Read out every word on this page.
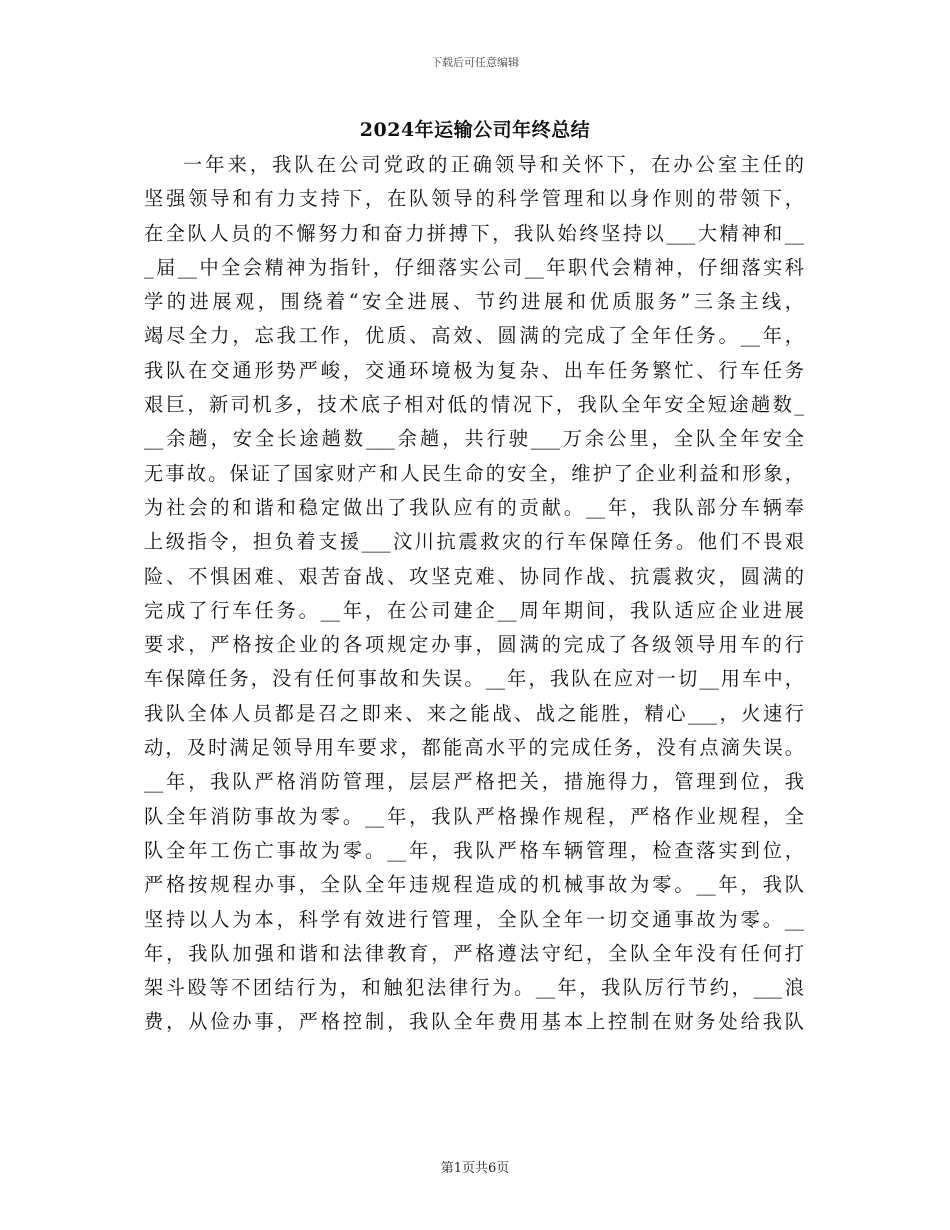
下载后可任意编辑
2024年运输公司年终总结
一年来，我队在公司党政的正确领导和关怀下，在办公室主任的
坚强领导和有力支持下，在队领导的科学管理和以身作则的带领下，
在全队人员的不懈努力和奋力拼搏下，我队始终坚持以___大精神和__
_届__中全会精神为指针，仔细落实公司__年职代会精神，仔细落实科
学的进展观，围绕着“安全进展、节约进展和优质服务”三条主线，
竭尽全力，忘我工作，优质、高效、圆满的完成了全年任务。__年，
我队在交通形势严峻，交通环境极为复杂、出车任务繁忙、行车任务
艰巨，新司机多，技术底子相对低的情况下，我队全年安全短途趟数_
__余趟，安全长途趟数___余趟，共行驶___万余公里，全队全年安全
无事故。保证了国家财产和人民生命的安全，维护了企业利益和形象，
为社会的和谐和稳定做出了我队应有的贡献。__年，我队部分车辆奉
上级指令，担负着支援___汶川抗震救灾的行车保障任务。他们不畏艰
险、不惧困难、艰苦奋战、攻坚克难、协同作战、抗震救灾，圆满的
完成了行车任务。__年，在公司建企__周年期间，我队适应企业进展
要求，严格按企业的各项规定办事，圆满的完成了各级领导用车的行
车保障任务，没有任何事故和失误。__年，我队在应对一切__用车中，
我队全体人员都是召之即来、来之能战、战之能胜，精心___，火速行
动，及时满足领导用车要求，都能高水平的完成任务，没有点滴失误。
__年，我队严格消防管理，层层严格把关，措施得力，管理到位，我
队全年消防事故为零。__年，我队严格操作规程，严格作业规程，全
队全年工伤亡事故为零。__年，我队严格车辆管理，检查落实到位，
严格按规程办事，全队全年违规程造成的机械事故为零。__年，我队
坚持以人为本，科学有效进行管理，全队全年一切交通事故为零。__
年，我队加强和谐和法律教育，严格遵法守纪，全队全年没有任何打
架斗殴等不团结行为，和触犯法律行为。__年，我队厉行节约，___浪
费，从俭办事，严格控制，我队全年费用基本上控制在财务处给我队
第1页共6页
